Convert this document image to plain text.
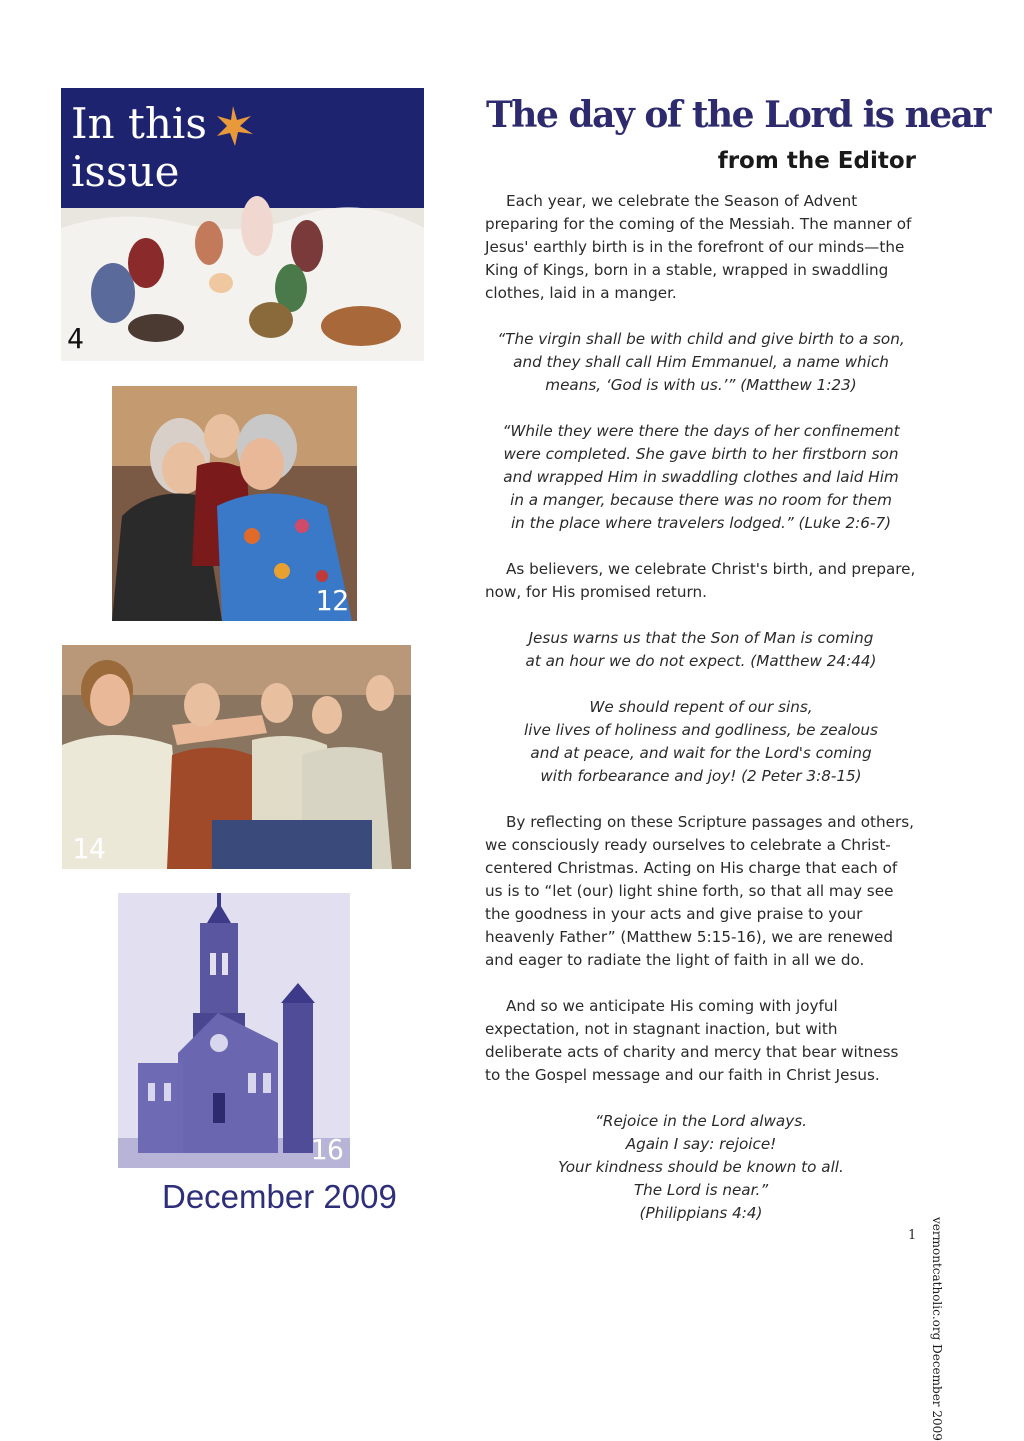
In this
issue
4
12
14
16

December 2009

The day of the Lord is near
from the Editor

Each year, we celebrate the Season of Advent preparing for the coming of the Messiah. The manner of Jesus' earthly birth is in the forefront of our minds—the King of Kings, born in a stable, wrapped in swaddling clothes, laid in a manger.

“The virgin shall be with child and give birth to a son,
and they shall call Him Emmanuel, a name which
means, ‘God is with us.’” (Matthew 1:23)

“While they were there the days of her confinement
were completed. She gave birth to her firstborn son
and wrapped Him in swaddling clothes and laid Him
in a manger, because there was no room for them
in the place where travelers lodged.” (Luke 2:6-7)

As believers, we celebrate Christ's birth, and prepare, now, for His promised return.

Jesus warns us that the Son of Man is coming
at an hour we do not expect. (Matthew 24:44)

We should repent of our sins,
live lives of holiness and godliness, be zealous
and at peace, and wait for the Lord's coming
with forbearance and joy! (2 Peter 3:8-15)

By reflecting on these Scripture passages and others, we consciously ready ourselves to celebrate a Christ-centered Christmas. Acting on His charge that each of us is to “let (our) light shine forth, so that all may see the goodness in your acts and give praise to your heavenly Father” (Matthew 5:15-16), we are renewed and eager to radiate the light of faith in all we do.

And so we anticipate His coming with joyful expectation, not in stagnant inaction, but with deliberate acts of charity and mercy that bear witness to the Gospel message and our faith in Christ Jesus.

“Rejoice in the Lord always.
Again I say: rejoice!
Your kindness should be known to all.
The Lord is near.”
(Philippians 4:4)

vermontcatholic.org December 2009
1
